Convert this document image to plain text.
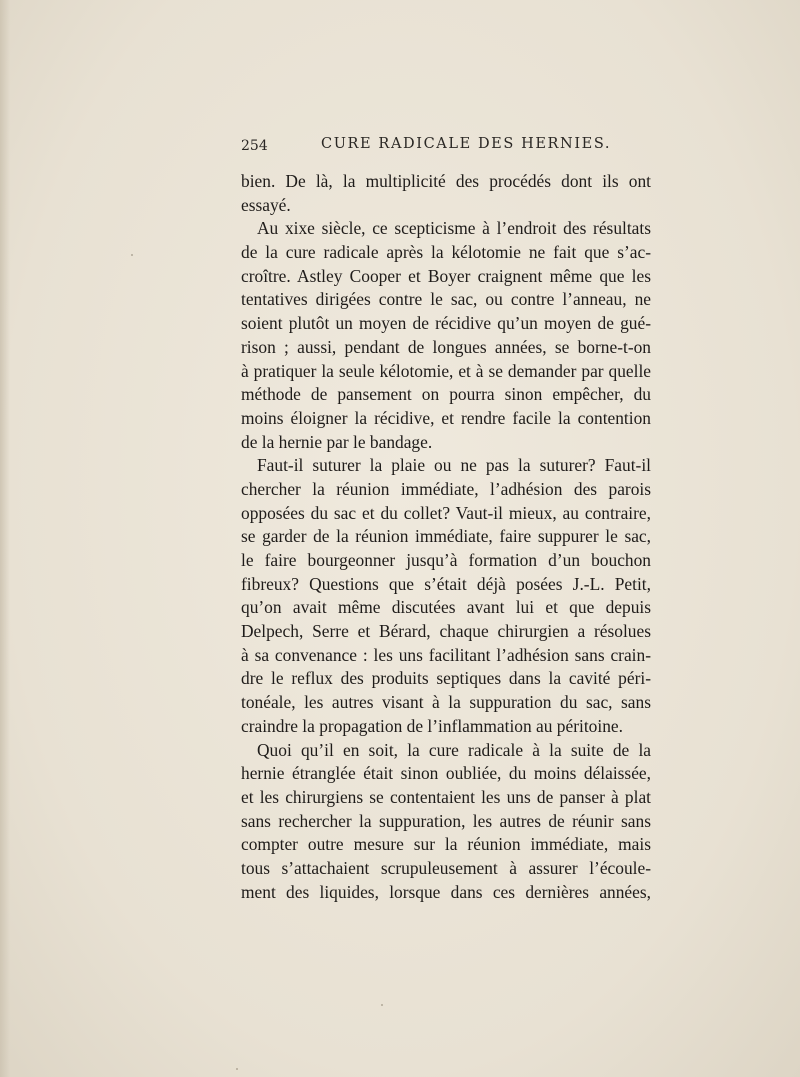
254	CURE RADICALE DES HERNIES.
bien. De là, la multiplicité des procédés dont ils ont
essayé.
Au xixe siècle, ce scepticisme à l’endroit des résultats
de la cure radicale après la kélotomie ne fait que s’ac-
croître. Astley Cooper et Boyer craignent même que les
tentatives dirigées contre le sac, ou contre l’anneau, ne
soient plutôt un moyen de récidive qu’un moyen de gué-
rison ; aussi, pendant de longues années, se borne-t-on
à pratiquer la seule kélotomie, et à se demander par quelle
méthode de pansement on pourra sinon empêcher, du
moins éloigner la récidive, et rendre facile la contention
de la hernie par le bandage.
Faut-il suturer la plaie ou ne pas la suturer? Faut-il
chercher la réunion immédiate, l’adhésion des parois
opposées du sac et du collet? Vaut-il mieux, au contraire,
se garder de la réunion immédiate, faire suppurer le sac,
le faire bourgeonner jusqu’à formation d’un bouchon
fibreux? Questions que s’était déjà posées J.-L. Petit,
qu’on avait même discutées avant lui et que depuis
Delpech, Serre et Bérard, chaque chirurgien a résolues
à sa convenance : les uns facilitant l’adhésion sans crain-
dre le reflux des produits septiques dans la cavité péri-
tonéale, les autres visant à la suppuration du sac, sans
craindre la propagation de l’inflammation au péritoine.
Quoi qu’il en soit, la cure radicale à la suite de la
hernie étranglée était sinon oubliée, du moins délaissée,
et les chirurgiens se contentaient les uns de panser à plat
sans rechercher la suppuration, les autres de réunir sans
compter outre mesure sur la réunion immédiate, mais
tous s’attachaient scrupuleusement à assurer l’écoule-
ment des liquides, lorsque dans ces dernières années,
